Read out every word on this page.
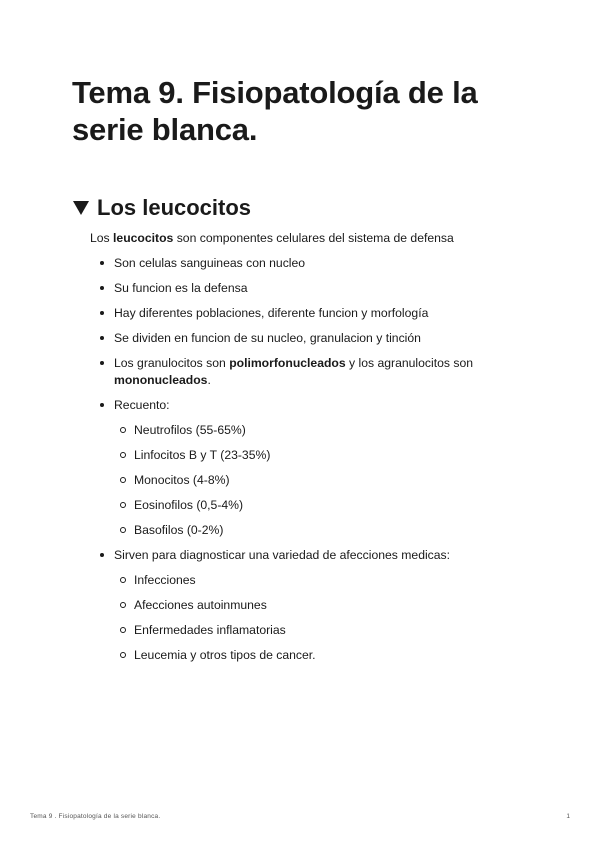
Tema 9. Fisiopatología de la serie blanca.
Los leucocitos

Los leucocitos son componentes celulares del sistema de defensa

Son celulas sanguineas con nucleo
Su funcion es la defensa
Hay diferentes poblaciones, diferente funcion y morfología
Se dividen en funcion de su nucleo, granulacion y tinción
Los granulocitos son polimorfonucleados y los agranulocitos son
mononucleados.
Recuento:
Neutrofilos (55-65%)
Linfocitos B y T (23-35%)
Monocitos (4-8%)
Eosinofilos (0,5-4%)
Basofilos (0-2%)
Sirven para diagnosticar una variedad de afecciones medicas:
Infecciones
Afecciones autoinmunes
Enfermedades inflamatorias
Leucemia y otros tipos de cancer.
Tema 9 . Fisiopatología de la serie blanca.	1
